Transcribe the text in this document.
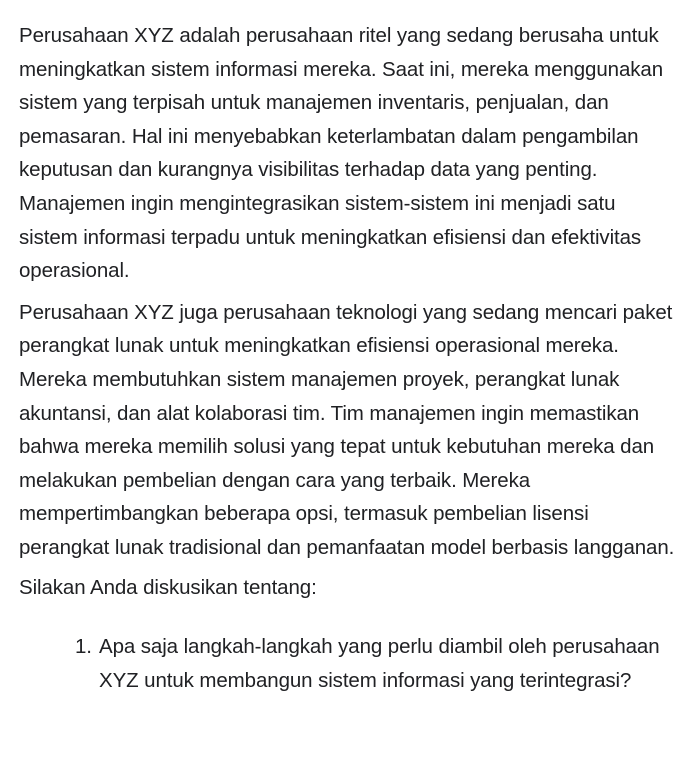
Perusahaan XYZ adalah perusahaan ritel yang sedang berusaha untuk meningkatkan sistem informasi mereka. Saat ini, mereka menggunakan sistem yang terpisah untuk manajemen inventaris, penjualan, dan pemasaran. Hal ini menyebabkan keterlambatan dalam pengambilan keputusan dan kurangnya visibilitas terhadap data yang penting. Manajemen ingin mengintegrasikan sistem-sistem ini menjadi satu sistem informasi terpadu untuk meningkatkan efisiensi dan efektivitas operasional.

Perusahaan XYZ juga perusahaan teknologi yang sedang mencari paket perangkat lunak untuk meningkatkan efisiensi operasional mereka. Mereka membutuhkan sistem manajemen proyek, perangkat lunak akuntansi, dan alat kolaborasi tim. Tim manajemen ingin memastikan bahwa mereka memilih solusi yang tepat untuk kebutuhan mereka dan melakukan pembelian dengan cara yang terbaik. Mereka mempertimbangkan beberapa opsi, termasuk pembelian lisensi perangkat lunak tradisional dan pemanfaatan model berbasis langganan.

Silakan Anda diskusikan tentang:

1. Apa saja langkah-langkah yang perlu diambil oleh perusahaan XYZ untuk membangun sistem informasi yang terintegrasi?
